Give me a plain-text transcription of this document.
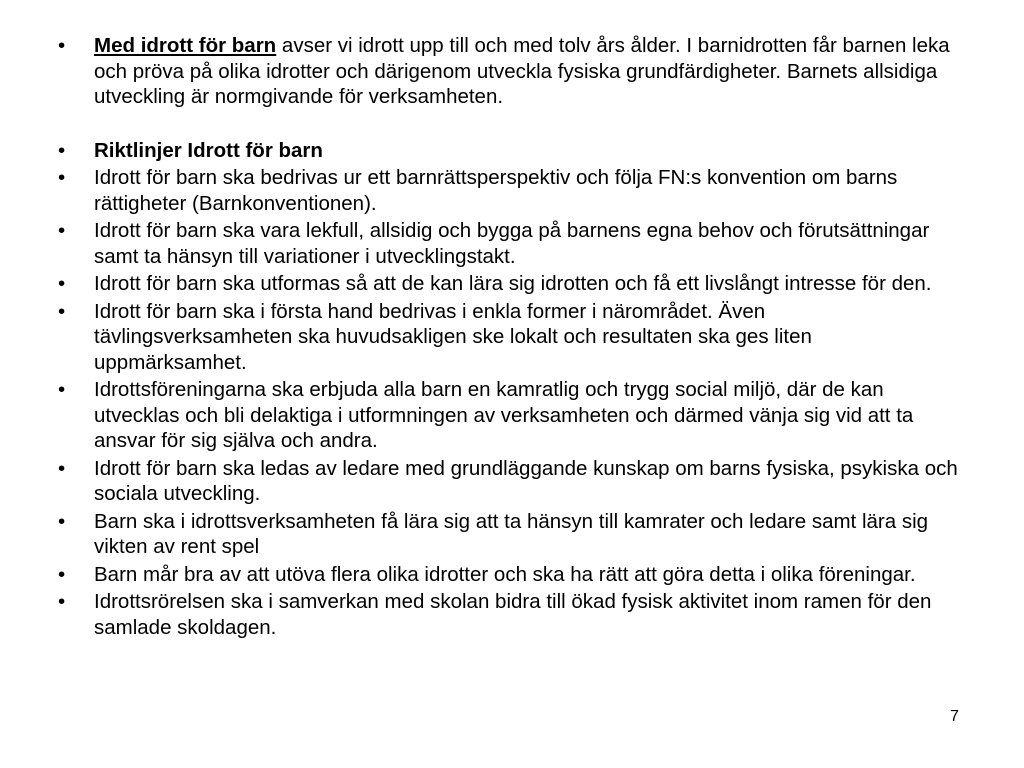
•	Med idrott för barn avser vi idrott upp till och med tolv års ålder. I barnidrotten får barnen leka och pröva på olika idrotter och därigenom utveckla fysiska grundfärdigheter. Barnets allsidiga utveckling är normgivande för verksamheten.
•	Riktlinjer Idrott för barn
•	Idrott för barn ska bedrivas ur ett barnrättsperspektiv och följa FN:s konvention om barns rättigheter (Barnkonventionen).
•	Idrott för barn ska vara lekfull, allsidig och bygga på barnens egna behov och förutsättningar samt ta hänsyn till variationer i utvecklingstakt.
•	Idrott för barn ska utformas så att de kan lära sig idrotten och få ett livslångt intresse för den.
•	Idrott för barn ska i första hand bedrivas i enkla former i närområdet. Även tävlingsverksamheten ska huvudsakligen ske lokalt och resultaten ska ges liten uppmärksamhet.
•	Idrottsföreningarna ska erbjuda alla barn en kamratlig och trygg social miljö, där de kan utvecklas och bli delaktiga i utformningen av verksamheten och därmed vänja sig vid att ta ansvar för sig själva och andra.
•	Idrott för barn ska ledas av ledare med grundläggande kunskap om barns fysiska, psykiska och sociala utveckling.
•	Barn ska i idrottsverksamheten få lära sig att ta hänsyn till kamrater och ledare samt lära sig vikten av rent spel
•	Barn mår bra av att utöva flera olika idrotter och ska ha rätt att göra detta i olika föreningar.
•	Idrottsrörelsen ska i samverkan med skolan bidra till ökad fysisk aktivitet inom ramen för den samlade skoldagen.
7
